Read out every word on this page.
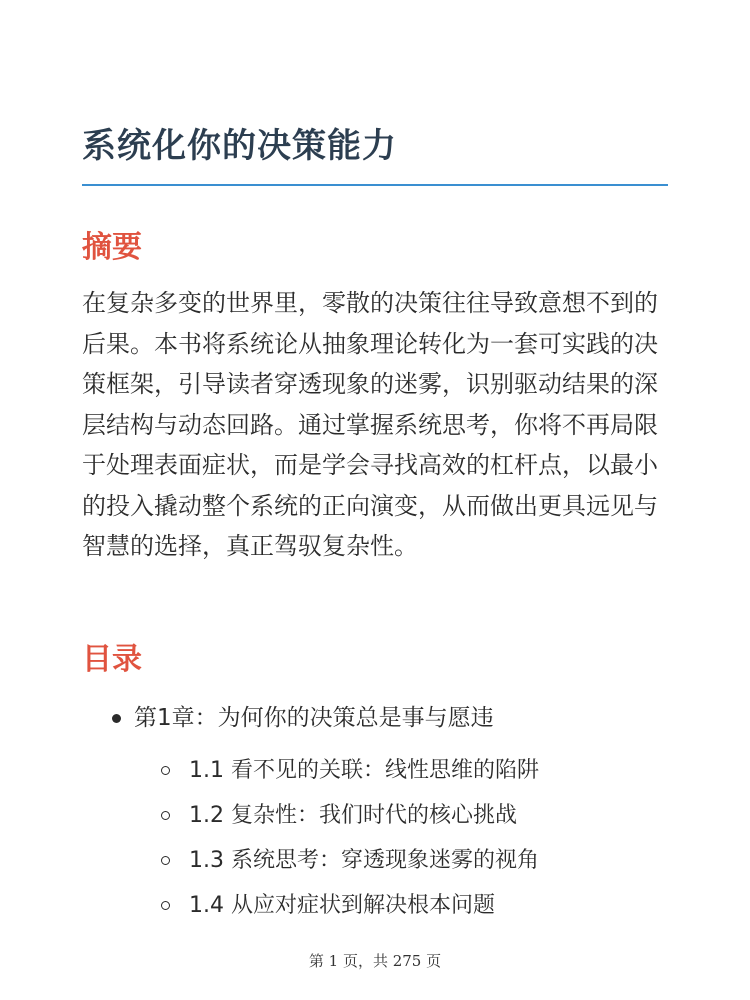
系统化你的决策能力
摘要

在复杂多变的世界里，零散的决策往往导致意想不到的后果。本书将系统论从抽象理论转化为一套可实践的决策框架，引导读者穿透现象的迷雾，识别驱动结果的深层结构与动态回路。通过掌握系统思考，你将不再局限于处理表面症状，而是学会寻找高效的杠杆点，以最小的投入撬动整个系统的正向演变，从而做出更具远见与智慧的选择，真正驾驭复杂性。

目录
第1章：为何你的决策总是事与愿违
1.1 看不见的关联：线性思维的陷阱
1.2 复杂性：我们时代的核心挑战
1.3 系统思考：穿透现象迷雾的视角
1.4 从应对症状到解决根本问题
第 1 页，共 275 页
